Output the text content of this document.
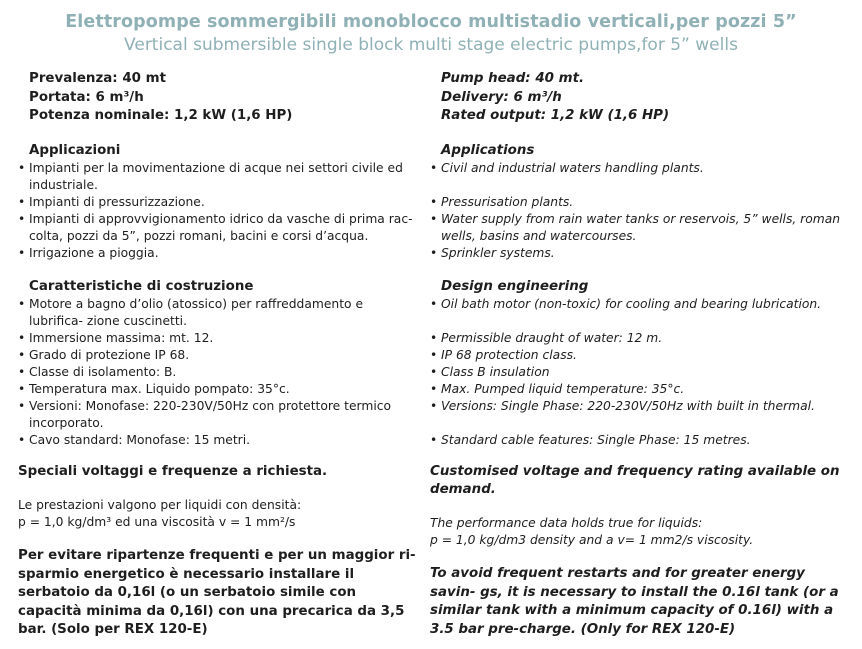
Elettropompe sommergibili monoblocco multistadio verticali,per pozzi 5”
Vertical submersible single block multi stage electric pumps,for 5” wells
Prevalenza: 40 mt
Portata: 6 m³/h
Potenza nominale: 1,2 kW (1,6 HP)
Applicazioni
• Impianti per la movimentazione di acque nei settori civile ed industriale.
• Impianti di pressurizzazione.
• Impianti di approvvigionamento idrico da vasche di prima rac- colta, pozzi da 5”, pozzi romani, bacini e corsi d’acqua.
• Irrigazione a pioggia.
Caratteristiche di costruzione
• Motore a bagno d’olio (atossico) per raffreddamento e lubrifica- zione cuscinetti.
• Immersione massima: mt. 12.
• Grado di protezione IP 68.
• Classe di isolamento: B.
• Temperatura max. Liquido pompato: 35°c.
• Versioni: Monofase: 220-230V/50Hz con protettore termico incorporato.
• Cavo standard: Monofase: 15 metri.
Speciali voltaggi e frequenze a richiesta.
Le prestazioni valgono per liquidi con densità:
p = 1,0 kg/dm³ ed una viscosità v = 1 mm²/s
Per evitare ripartenze frequenti e per un maggior ri- sparmio energetico è necessario installare il serbatoio da 0,16l (o un serbatoio simile con capacità minima da 0,16l) con una precarica da 3,5 bar. (Solo per REX 120-E)
Pump head: 40 mt.
Delivery: 6 m³/h
Rated output: 1,2 kW (1,6 HP)
Applications
• Civil and industrial waters handling plants.
• Pressurisation plants.
• Water supply from rain water tanks or reservois, 5” wells, roman wells, basins and watercourses.
• Sprinkler systems.
Design engineering
• Oil bath motor (non-toxic) for cooling and bearing lubrication.
• Permissible draught of water: 12 m.
• IP 68 protection class.
• Class B insulation
• Max. Pumped liquid temperature: 35°c.
• Versions: Single Phase: 220-230V/50Hz with built in thermal.
• Standard cable features: Single Phase: 15 metres.
Customised voltage and frequency rating available on demand.
The performance data holds true for liquids:
p = 1,0 kg/dm3 density and a v= 1 mm2/s viscosity.
To avoid frequent restarts and for greater energy savin- gs, it is necessary to install the 0.16l tank (or a similar tank with a minimum capacity of 0.16l) with a 3.5 bar pre-charge. (Only for REX 120-E)
